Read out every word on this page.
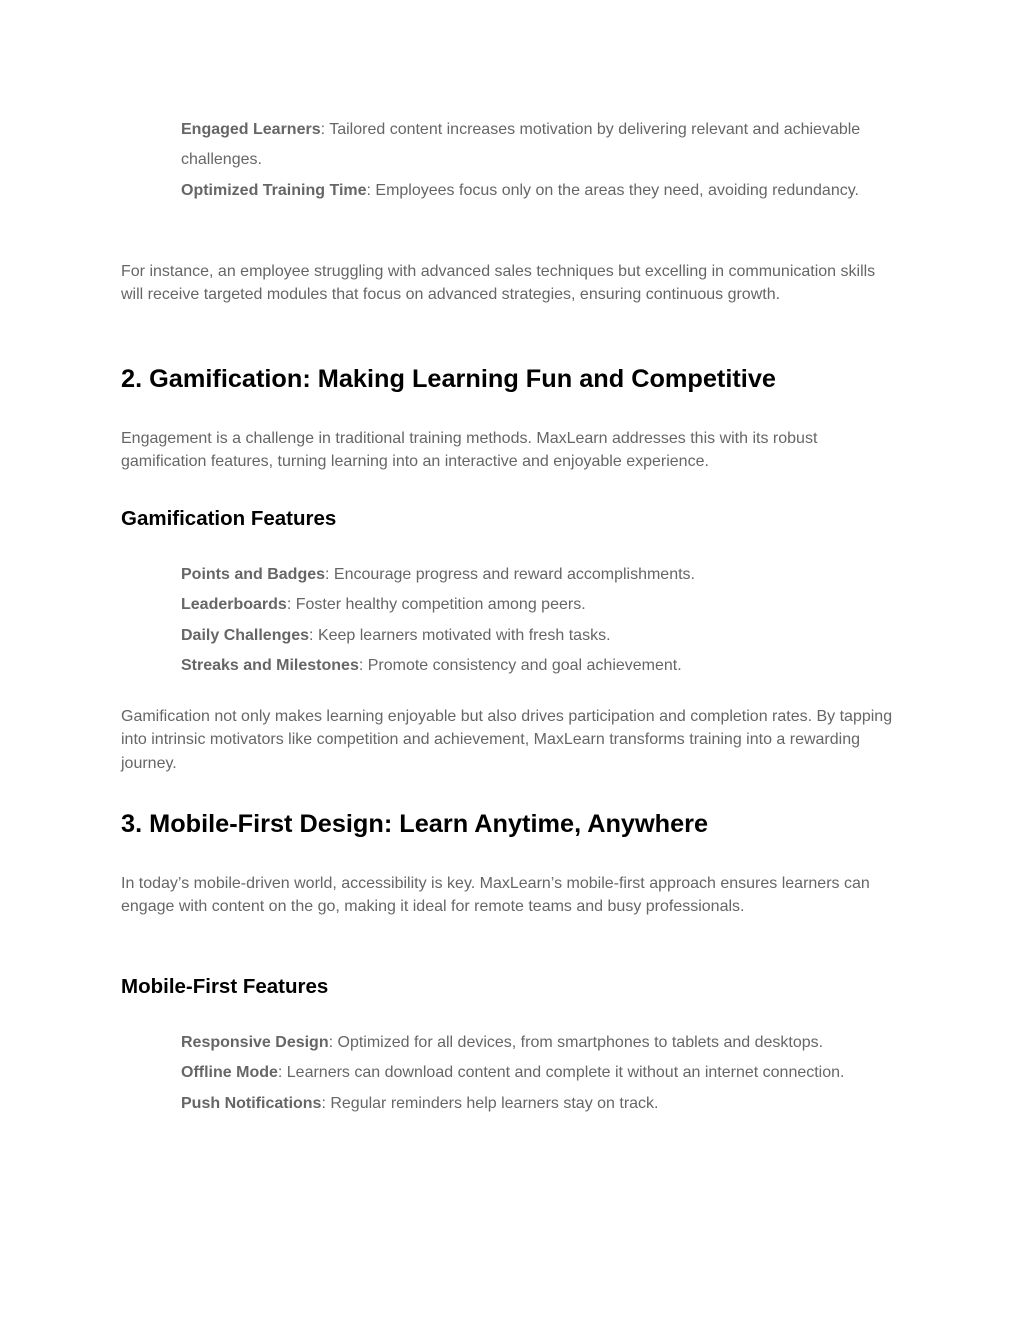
Engaged Learners: Tailored content increases motivation by delivering relevant and achievable challenges.
Optimized Training Time: Employees focus only on the areas they need, avoiding redundancy.

For instance, an employee struggling with advanced sales techniques but excelling in communication skills will receive targeted modules that focus on advanced strategies, ensuring continuous growth.

2. Gamification: Making Learning Fun and Competitive

Engagement is a challenge in traditional training methods. MaxLearn addresses this with its robust gamification features, turning learning into an interactive and enjoyable experience.

Gamification Features
Points and Badges: Encourage progress and reward accomplishments.
Leaderboards: Foster healthy competition among peers.
Daily Challenges: Keep learners motivated with fresh tasks.
Streaks and Milestones: Promote consistency and goal achievement.

Gamification not only makes learning enjoyable but also drives participation and completion rates. By tapping into intrinsic motivators like competition and achievement, MaxLearn transforms training into a rewarding journey.

3. Mobile-First Design: Learn Anytime, Anywhere

In today’s mobile-driven world, accessibility is key. MaxLearn’s mobile-first approach ensures learners can engage with content on the go, making it ideal for remote teams and busy professionals.

Mobile-First Features
Responsive Design: Optimized for all devices, from smartphones to tablets and desktops.
Offline Mode: Learners can download content and complete it without an internet connection.
Push Notifications: Regular reminders help learners stay on track.
